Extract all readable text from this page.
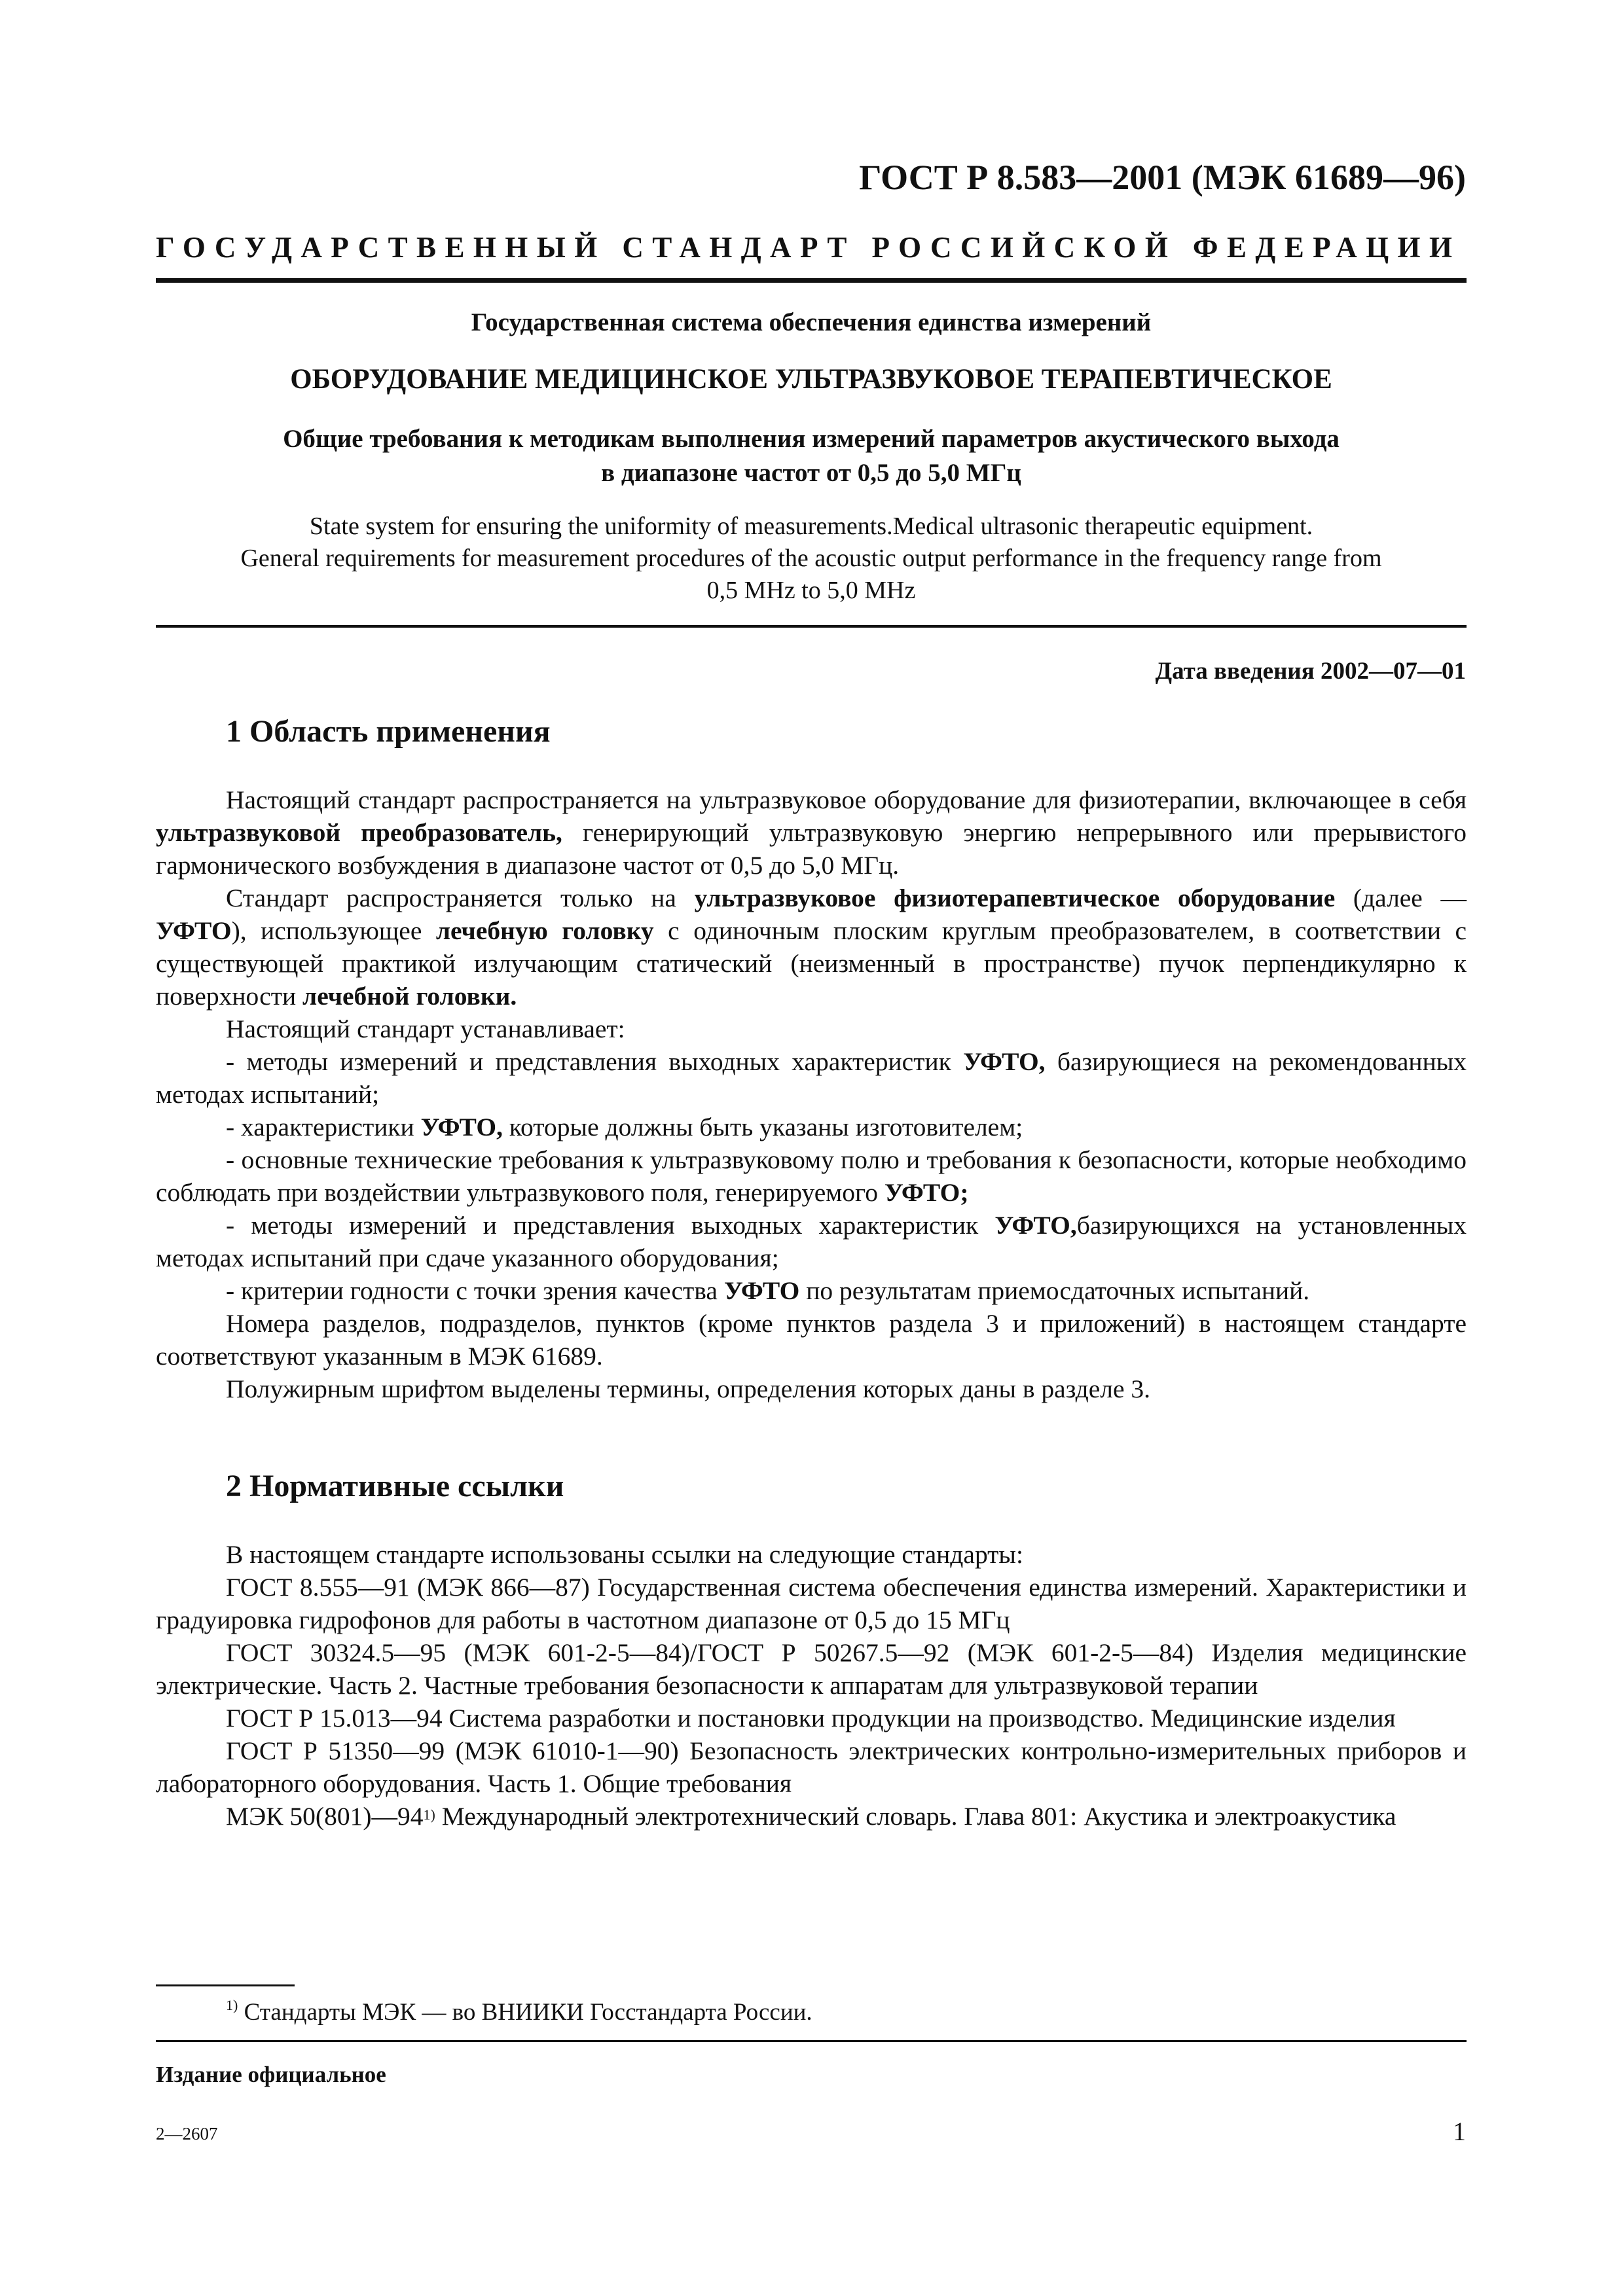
ГОСТ Р 8.583—2001 (МЭК 61689—96)
ГОСУДАРСТВЕННЫЙ СТАНДАРТ РОССИЙСКОЙ ФЕДЕРАЦИИ
Государственная система обеспечения единства измерений
ОБОРУДОВАНИЕ МЕДИЦИНСКОЕ УЛЬТРАЗВУКОВОЕ ТЕРАПЕВТИЧЕСКОЕ
Общие требования к методикам выполнения измерений параметров акустического выхода
в диапазоне частот от 0,5 до 5,0 МГц
State system for ensuring the uniformity of measurements.Medical ultrasonic therapeutic equipment.
General requirements for measurement procedures of the acoustic output performance in the frequency range from
0,5 MHz to 5,0 MHz
Дата введения 2002—07—01
1 Область применения

Настоящий стандарт распространяется на ультразвуковое оборудование для физиотерапии, включающее в себя ультразвуковой преобразователь, генерирующий ультразвуковую энергию непрерывного или прерывистого гармонического возбуждения в диапазоне частот от 0,5 до 5,0 МГц.

Стандарт распространяется только на ультразвуковое физиотерапевтическое оборудование (далее — УФТО), использующее лечебную головку с одиночным плоским круглым преобразователем, в соответствии с существующей практикой излучающим статический (неизменный в пространстве) пучок перпендикулярно к поверхности лечебной головки.

Настоящий стандарт устанавливает:

- методы измерений и представления выходных характеристик УФТО, базирующиеся на рекомендованных методах испытаний;

- характеристики УФТО, которые должны быть указаны изготовителем;

- основные технические требования к ультразвуковому полю и требования к безопасности, которые необходимо соблюдать при воздействии ультразвукового поля, генерируемого УФТО;

- методы измерений и представления выходных характеристик УФТО,базирующихся на установленных методах испытаний при сдаче указанного оборудования;

- критерии годности с точки зрения качества УФТО по результатам приемосдаточных испытаний.

Номера разделов, подразделов, пунктов (кроме пунктов раздела 3 и приложений) в настоящем стандарте соответствуют указанным в МЭК 61689.

Полужирным шрифтом выделены термины, определения которых даны в разделе 3.

2 Нормативные ссылки

В настоящем стандарте использованы ссылки на следующие стандарты:

ГОСТ 8.555—91 (МЭК 866—87) Государственная система обеспечения единства измерений. Характеристики и градуировка гидрофонов для работы в частотном диапазоне от 0,5 до 15 МГц

ГОСТ 30324.5—95 (МЭК 601-2-5—84)/ГОСТ Р 50267.5—92 (МЭК 601-2-5—84) Изделия медицинские электрические. Часть 2. Частные требования безопасности к аппаратам для ультразвуковой терапии

ГОСТ Р 15.013—94 Система разработки и постановки продукции на производство. Медицинские изделия

ГОСТ Р 51350—99 (МЭК 61010-1—90) Безопасность электрических контрольно-измерительных приборов и лабораторного оборудования. Часть 1. Общие требования

МЭК 50(801)—94$^{1)}$ Международный электротехнический словарь. Глава 801: Акустика и электроакустика

$^{1)}$ Стандарты МЭК — во ВНИИКИ Госстандарта России.
Издание официальное
2—2607	1
